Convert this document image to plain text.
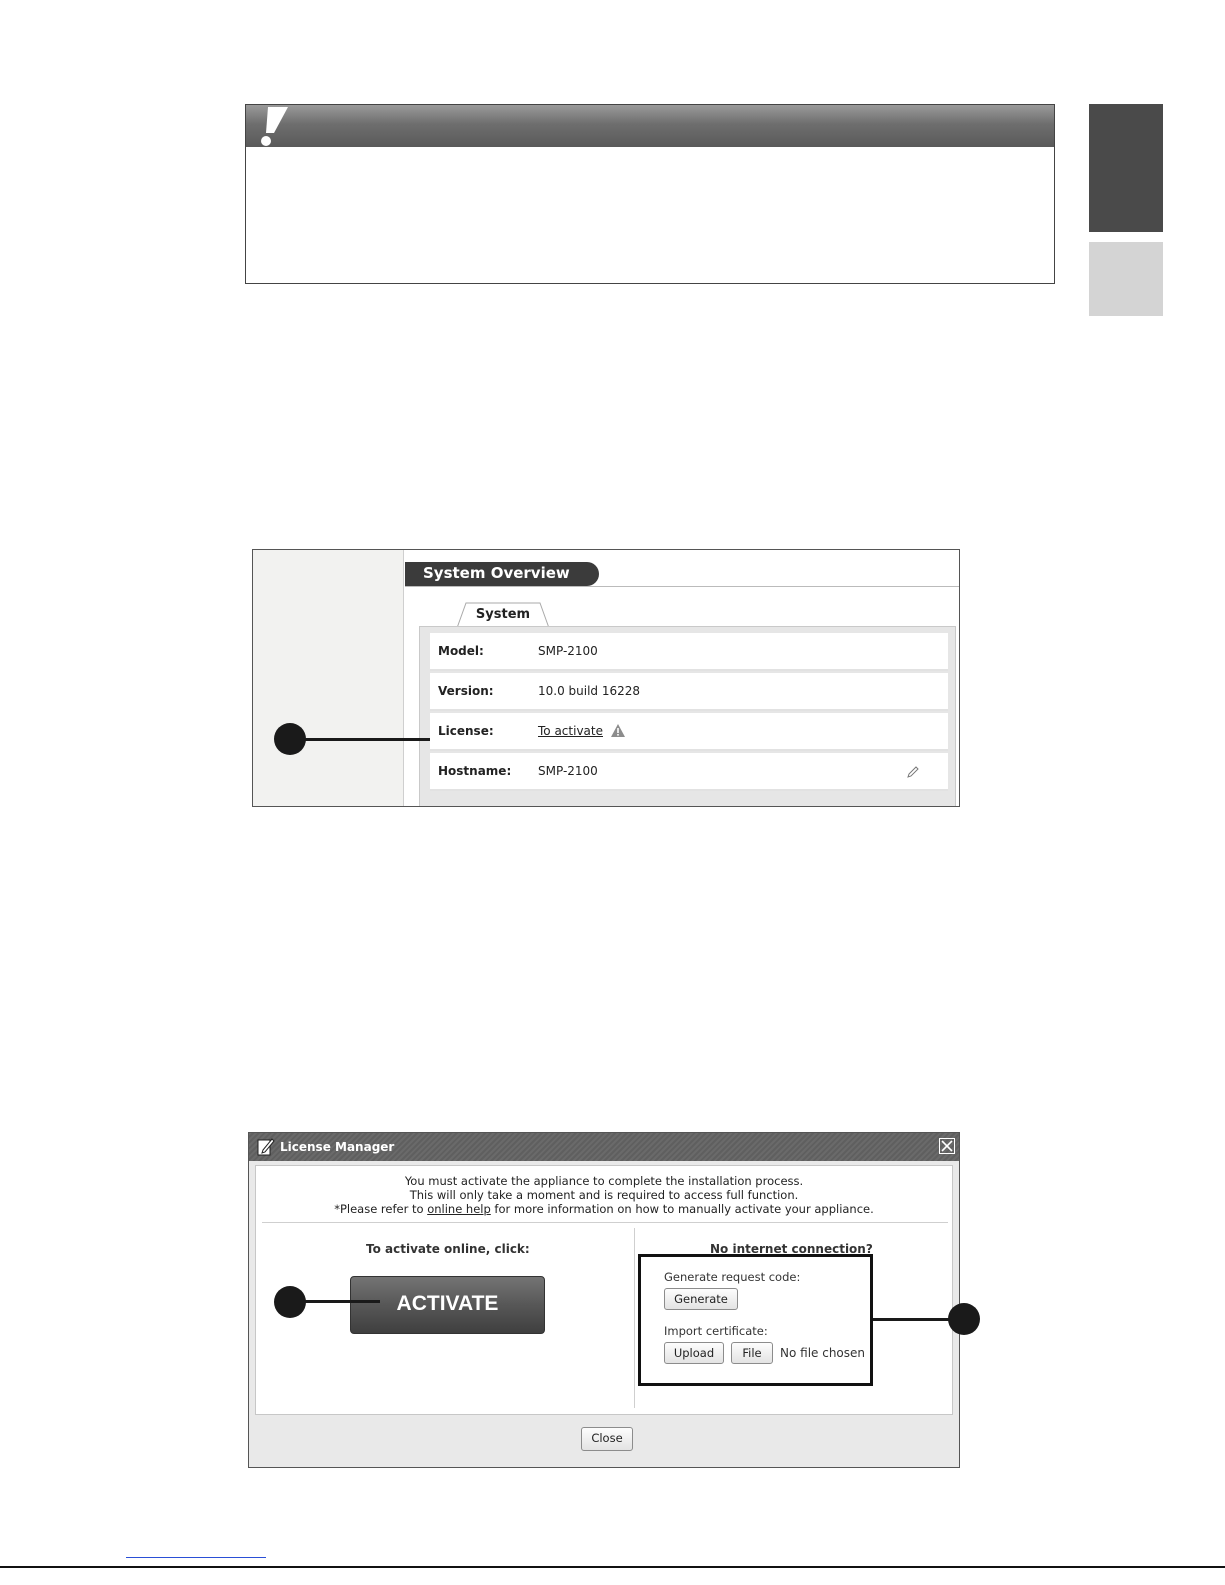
System Overview
System
Model:	SMP-2100
Version:	10.0 build 16228
License:	To activate
Hostname: SMP-2100
License Manager
You must activate the appliance to complete the installation process.
This will only take a moment and is required to access full function.
*Please refer to online help for more information on how to manually activate your appliance.
To activate online, click:
ACTIVATE
No internet connection?
Generate request code:
Generate
Import certificate:
Upload	File	No file chosen
Close
